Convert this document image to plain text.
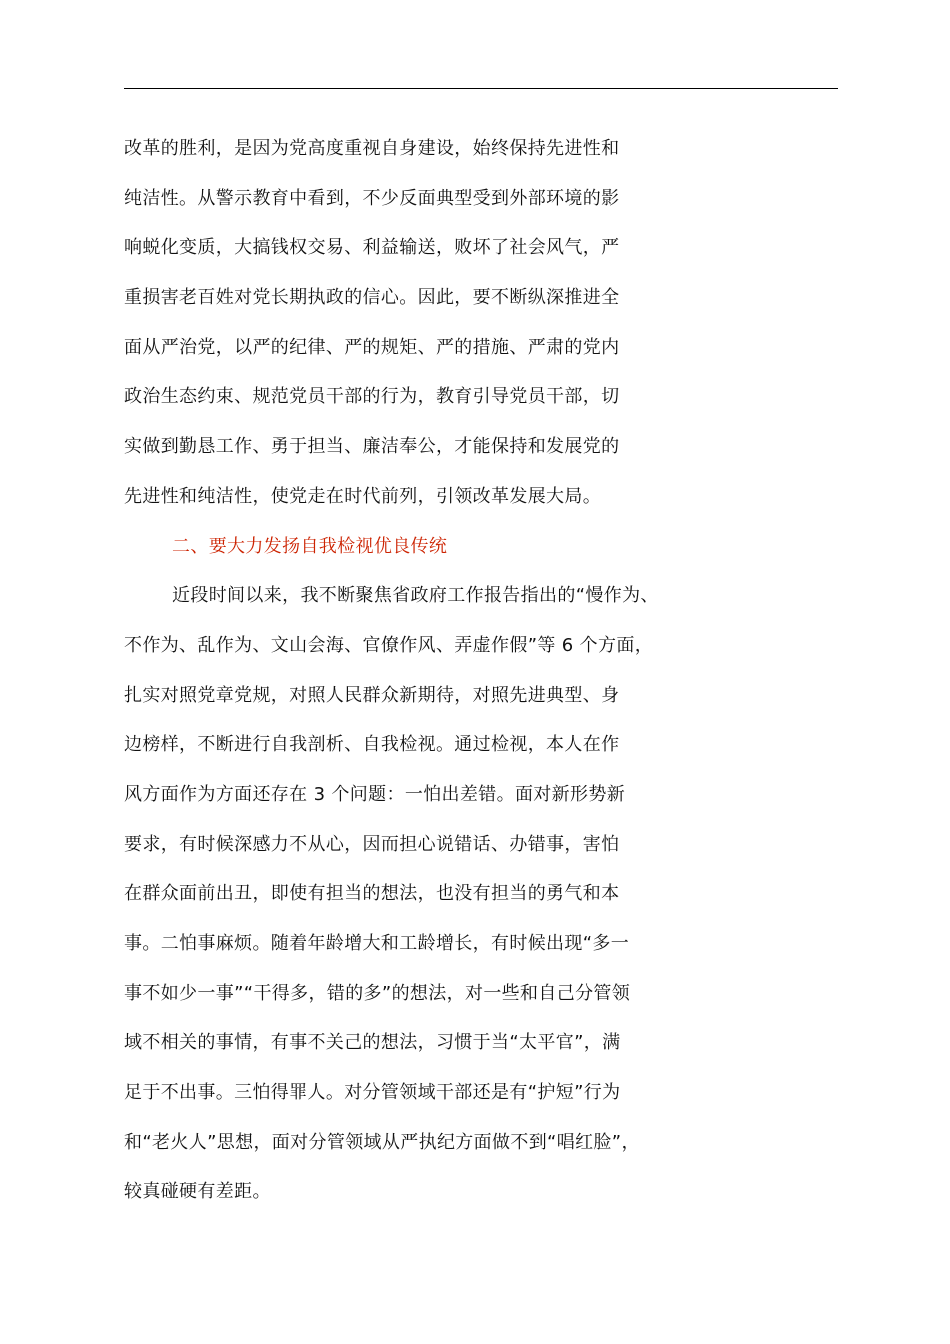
改革的胜利，是因为党高度重视自身建设，始终保持先进性和
纯洁性。从警示教育中看到，不少反面典型受到外部环境的影
响蜕化变质，大搞钱权交易、利益输送，败坏了社会风气，严
重损害老百姓对党长期执政的信心。因此，要不断纵深推进全
面从严治党，以严的纪律、严的规矩、严的措施、严肃的党内
政治生态约束、规范党员干部的行为，教育引导党员干部，切
实做到勤恳工作、勇于担当、廉洁奉公，才能保持和发展党的
先进性和纯洁性，使党走在时代前列，引领改革发展大局。
二、要大力发扬自我检视优良传统
近段时间以来，我不断聚焦省政府工作报告指出的“慢作为、
不作为、乱作为、文山会海、官僚作风、弄虚作假”等 6 个方面，
扎实对照党章党规，对照人民群众新期待，对照先进典型、身
边榜样，不断进行自我剖析、自我检视。通过检视，本人在作
风方面作为方面还存在 3 个问题：一怕出差错。面对新形势新
要求，有时候深感力不从心，因而担心说错话、办错事，害怕
在群众面前出丑，即使有担当的想法，也没有担当的勇气和本
事。二怕事麻烦。随着年龄增大和工龄增长，有时候出现“多一
事不如少一事”“干得多，错的多”的想法，对一些和自己分管领
域不相关的事情，有事不关己的想法，习惯于当“太平官”，满
足于不出事。三怕得罪人。对分管领域干部还是有“护短”行为
和“老火人”思想，面对分管领域从严执纪方面做不到“唱红脸”，
较真碰硬有差距。
